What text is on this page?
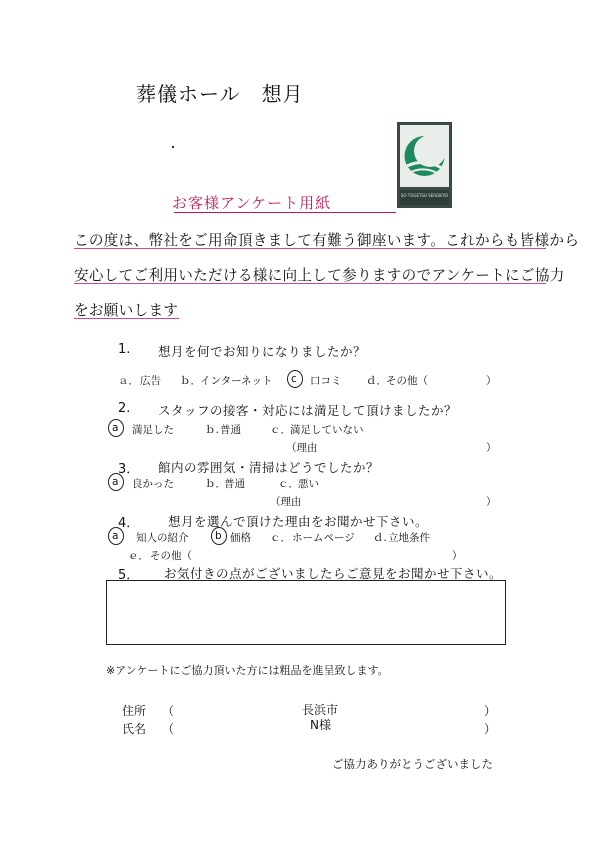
葬儀ホール　想月
SO TOGETSU SERGIEYO
お客様アンケート用紙
この度は、幣社をご用命頂きまして有難う御座います。これからも皆様から
安心してご利用いただける様に向上して参りますのでアンケートにご協力
をお願いします
1. 想月を何でお知りになりましたか？
ａ． 広告 ｂ． インターネット c 口コミ ｄ． その他（	）
2. スタッフの接客・対応には満足して頂けましたか？
a 満足した	ｂ. 普通	ｃ． 満足していない
（理由	）
3． 館内の雰囲気・清掃はどうでしたか？
a 良かった	ｂ．
普通	ｃ． 悪い
（理由	）
4． 想月を選んで頂けた理由をお聞かせ下さい。
a 知人の紹介	b 価格 ｃ． ホームページ ｄ. 立地条件
ｅ． その他（	）
5． お気付きの点がございましたらご意見をお聞かせ下さい。
※アンケートにご協力頂いた方には粗品を進呈致します。
住所 （	長浜市	）
氏名 （	N様	）
ご協力ありがとうございました
